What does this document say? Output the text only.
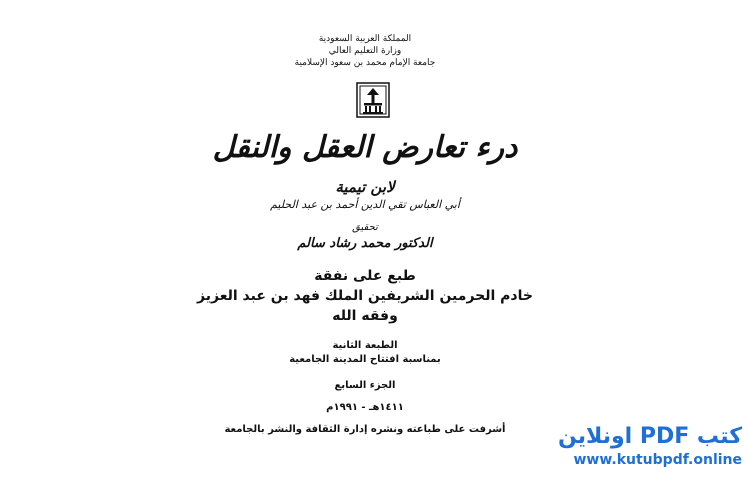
المملكة العربية السعودية
وزارة التعليم العالي
جامعة الإمام محمد بن سعود الإسلامية
درء تعارض العقل والنقل
لابن تيمية
أبي العباس تقي الدين أحمد بن عبد الحليم
تحقيق
الدكتور محمد رشاد سالم
طبع على نفقة
خادم الحرمين الشريفين الملك فهد بن عبد العزيز
وفقه الله
الطبعة الثانية
بمناسبة افتتاح المدينة الجامعية
الجزء السابع
١٤١١هـ - ١٩٩١م
أشرفت على طباعته ونشره إدارة الثقافة والنشر بالجامعة	كتب PDF اونلاين
www.kutubpdf.online
